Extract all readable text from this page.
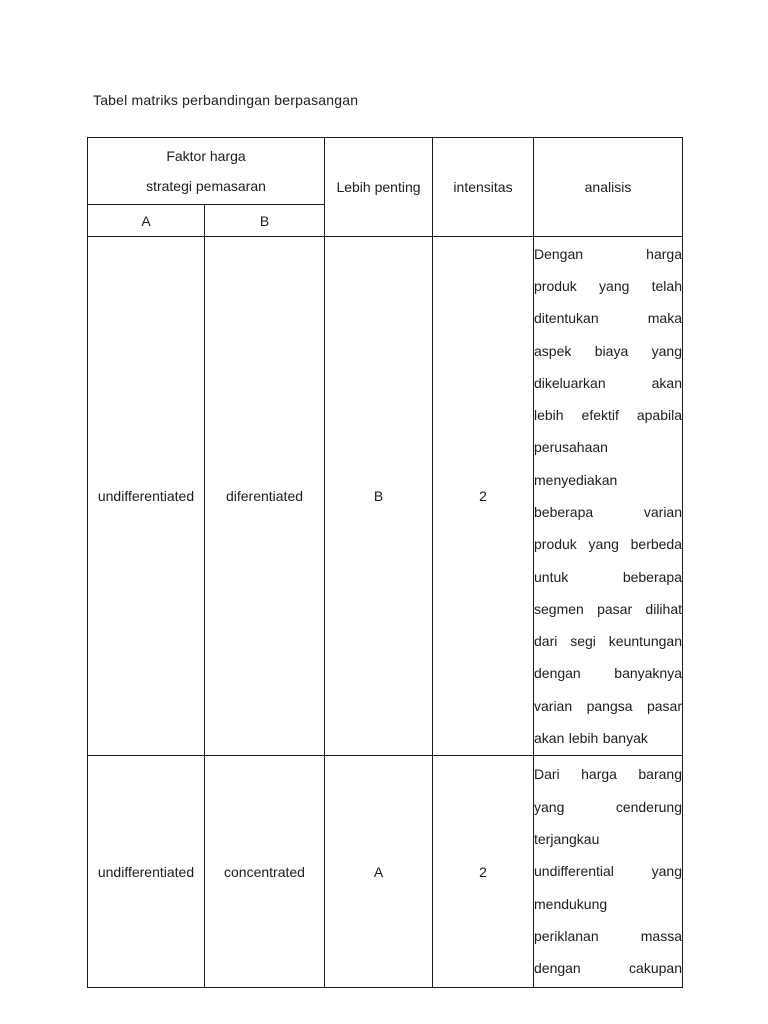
Tabel matriks perbandingan berpasangan
Faktor harga
strategi pemasaran		Lebih penting	intensitas	analisis
A	B			
undifferentiated	diferentiated	B	2	
Dengan harga
produk yang telah
ditentukan maka
aspek biaya yang
dikeluarkan akan
lebih efektif apabila
perusahaan
menyediakan
beberapa varian
produk yang berbeda
untuk beberapa
segmen pasar dilihat
dari segi keuntungan
dengan banyaknya
varian pangsa pasar
akan lebih banyak

undifferentiated	concentrated	A	2	
Dari harga barang
yang cenderung
terjangkau
undifferential yang
mendukung
periklanan massa
dengan cakupan
